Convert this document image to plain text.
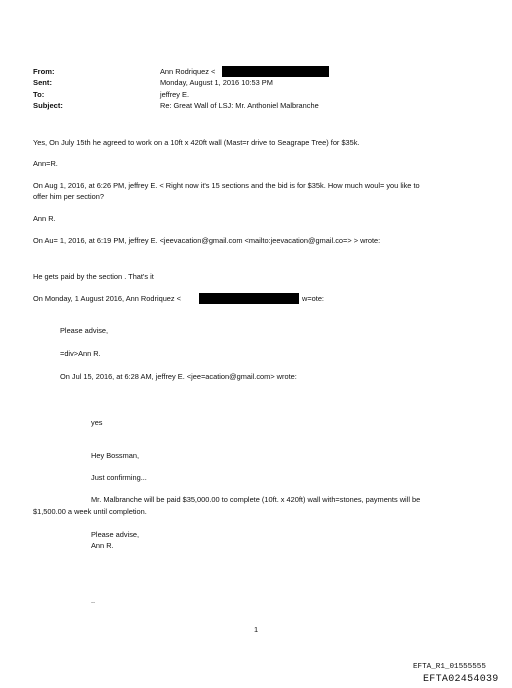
From:
Sent:
To:
Subject:
Ann Rodriquez <
Monday, August 1, 2016 10:53 PM
jeffrey E.
Re: Great Wall of LSJ: Mr. Anthoniel Malbranche
Yes, On July 15th he agreed to work on a 10ft x 420ft wall (Mast=r drive to Seagrape Tree) for $35k.
Ann=R.
On Aug 1, 2016, at 6:26 PM, jeffrey E. < Right now it's 15 sections and the bid is for $35k. How much woul= you like to
offer him per section?
Ann R.
On Au= 1, 2016, at 6:19 PM, jeffrey E. <jeevacation@gmail.com <mailto:jeevacation@gmail.co=> > wrote:
He gets paid by the section . That's it
On Monday, 1 August 2016, Ann Rodriquez <	w=ote:
Please advise,
=div>Ann R.
On Jul 15, 2016, at 6:28 AM, jeffrey E. <jee=acation@gmail.com> wrote:
yes
Hey Bossman,
Just confirming...
Mr. Malbranche will be paid $35,000.00 to complete (10ft. x 420ft) wall with=stones, payments will be
$1,500.00 a week until completion.
Please advise,
Ann R.
..
1
EFTA_R1_01555555
EFTA02454039
